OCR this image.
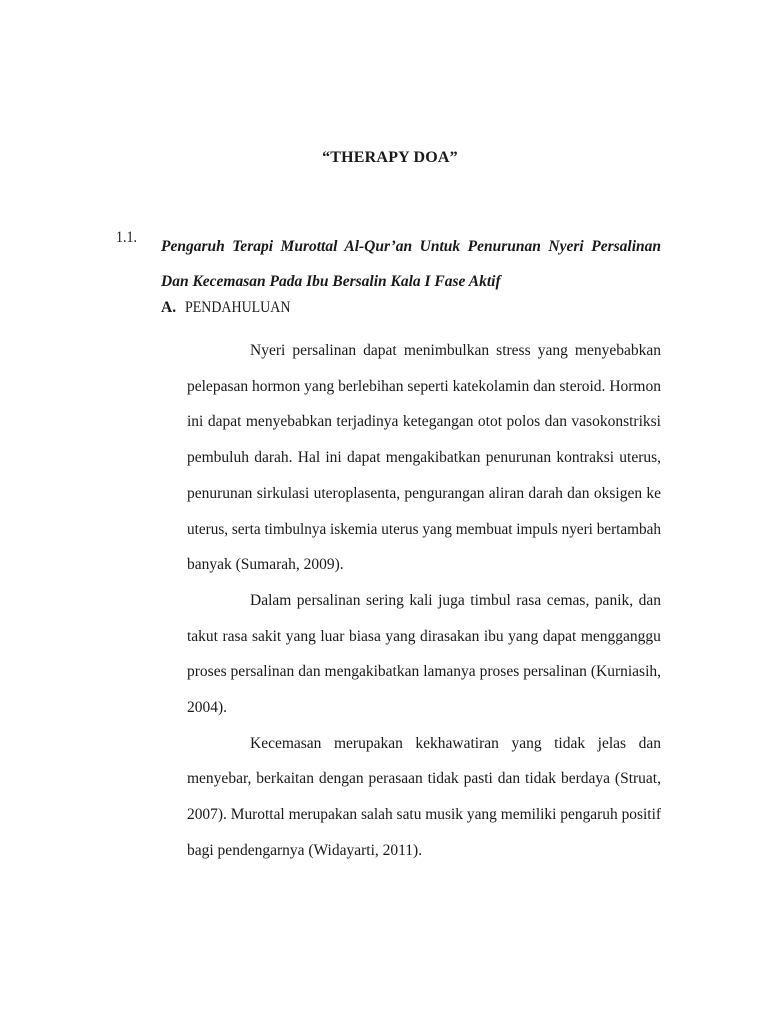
“THERAPY DOA”
1.1.
Pengaruh Terapi Murottal Al-Qur’an Untuk Penurunan Nyeri Persalinan Dan Kecemasan Pada Ibu Bersalin Kala I Fase Aktif
A. PENDAHULUAN
Nyeri persalinan dapat menimbulkan stress yang menyebabkan
pelepasan hormon yang berlebihan seperti katekolamin dan steroid. Hormon
ini dapat menyebabkan terjadinya ketegangan otot polos dan vasokonstriksi
pembuluh darah. Hal ini dapat mengakibatkan penurunan kontraksi uterus,
penurunan sirkulasi uteroplasenta, pengurangan aliran darah dan oksigen ke
uterus, serta timbulnya iskemia uterus yang membuat impuls nyeri bertambah
banyak (Sumarah, 2009).
Dalam persalinan sering kali juga timbul rasa cemas, panik, dan
takut rasa sakit yang luar biasa yang dirasakan ibu yang dapat mengganggu
proses persalinan dan mengakibatkan lamanya proses persalinan (Kurniasih,
2004).
Kecemasan merupakan kekhawatiran yang tidak jelas dan
menyebar, berkaitan dengan perasaan tidak pasti dan tidak berdaya (Struat,
2007). Murottal merupakan salah satu musik yang memiliki pengaruh positif
bagi pendengarnya (Widayarti, 2011).
